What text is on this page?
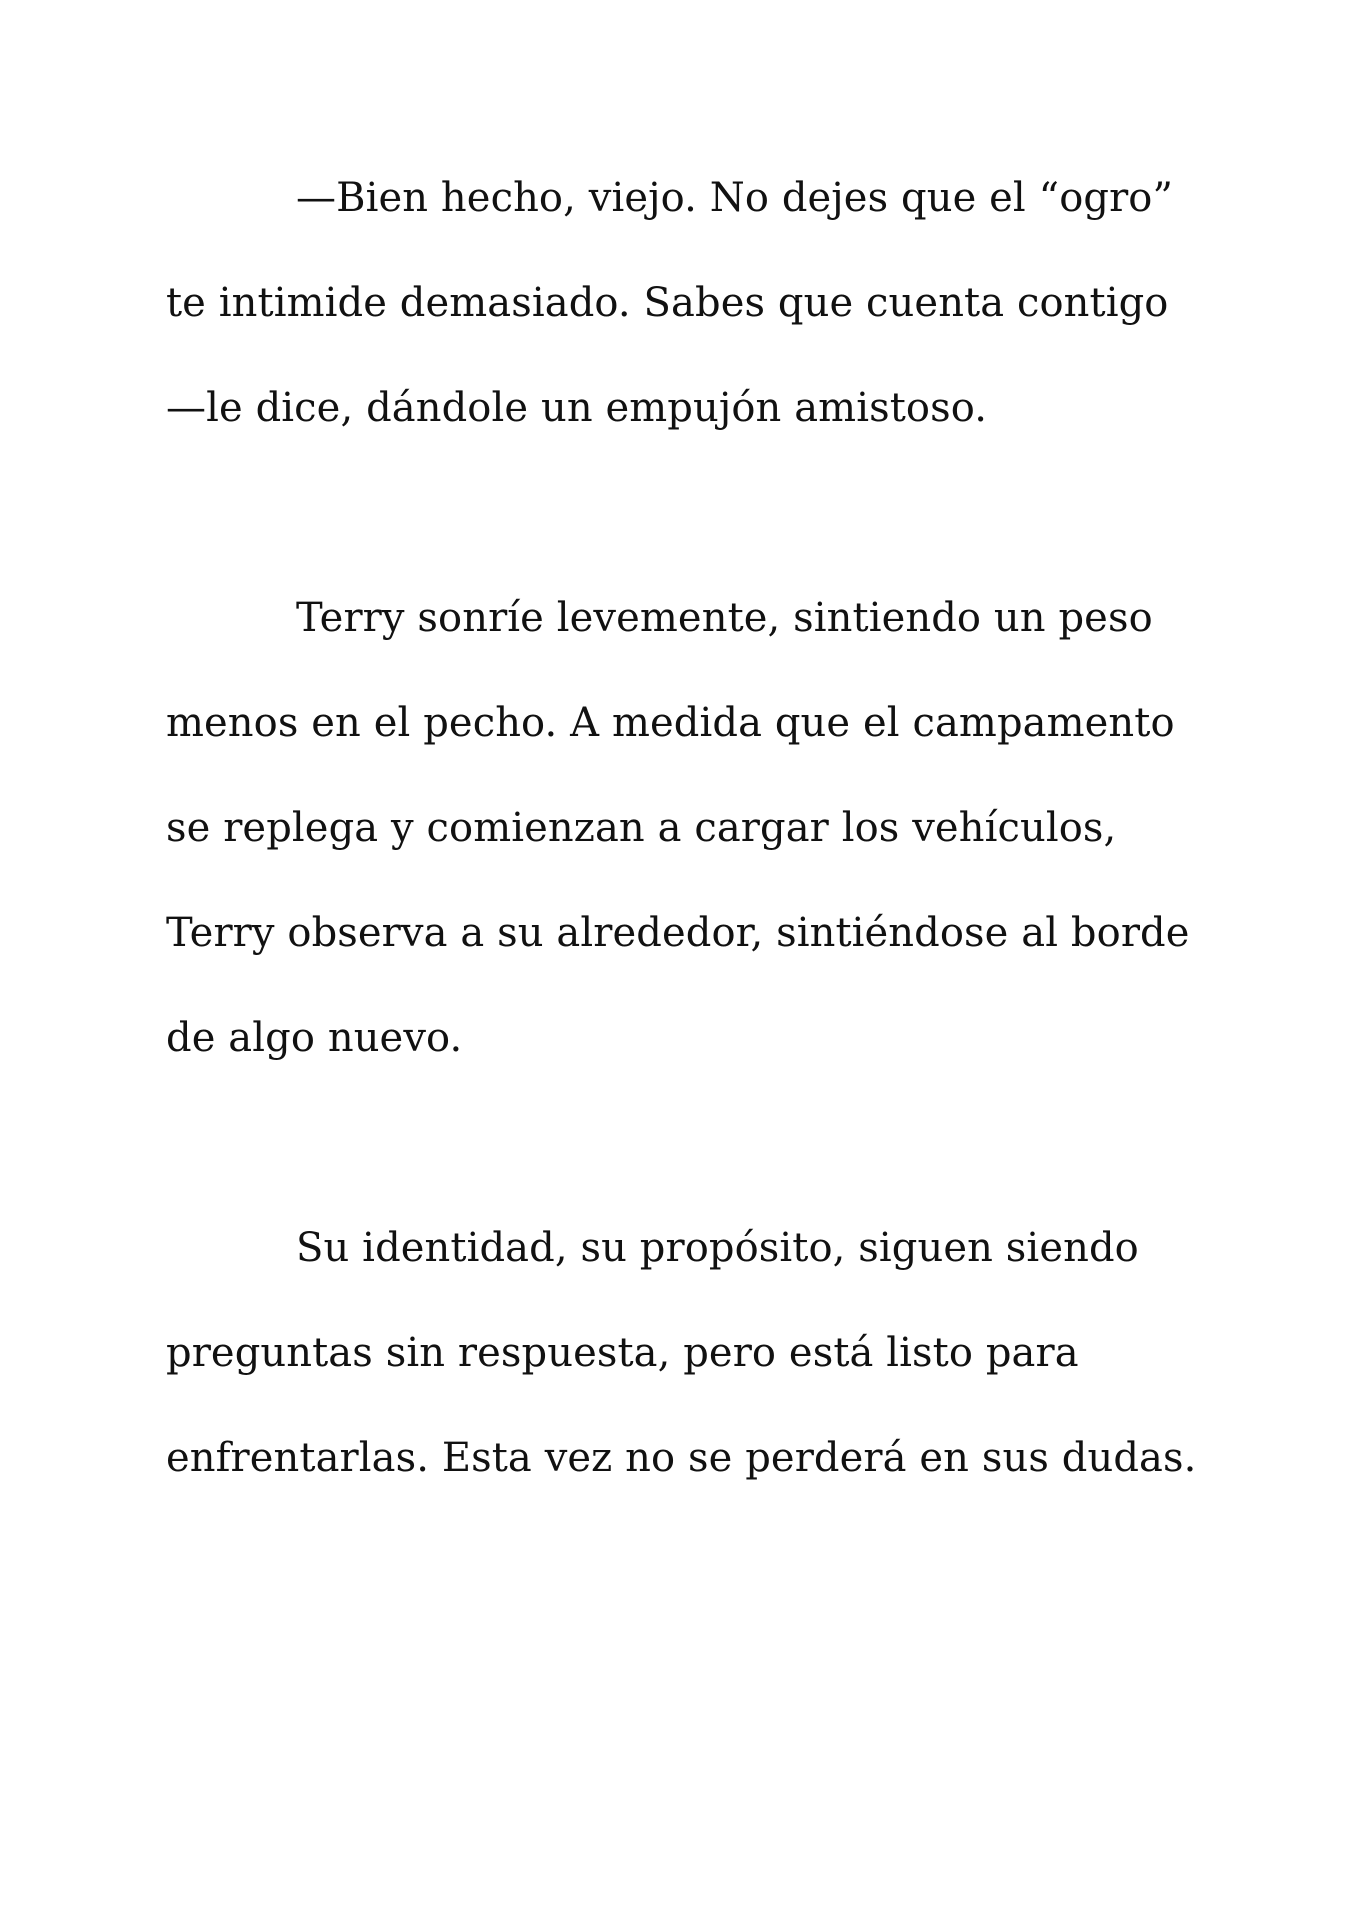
—Bien hecho, viejo. No dejes que el “ogro”
te intimide demasiado. Sabes que cuenta contigo
—le dice, dándole un empujón amistoso.
Terry sonríe levemente, sintiendo un peso
menos en el pecho. A medida que el campamento
se replega y comienzan a cargar los vehículos,
Terry observa a su alrededor, sintiéndose al borde
de algo nuevo.
Su identidad, su propósito, siguen siendo
preguntas sin respuesta, pero está listo para
enfrentarlas. Esta vez no se perderá en sus dudas.
